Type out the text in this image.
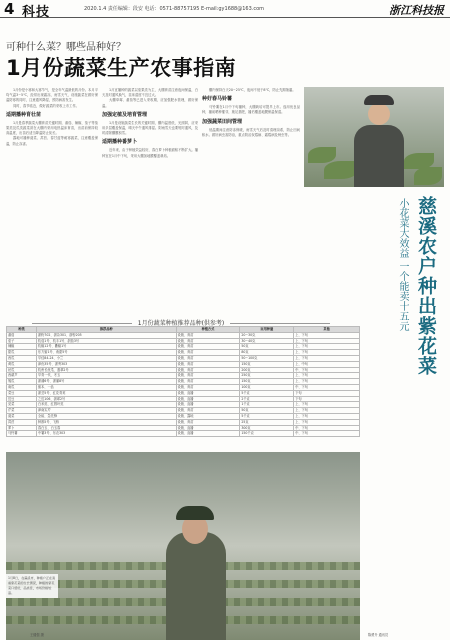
4 科技	2020.1.4 责任编辑：段安 电话：0571-88757195 E-mail:gy1688@163.com	浙江科技报
可种什么菜？哪些品种好？
1月份蔬菜生产农事指南

1月份是小寒和大寒节气，是全年气温最低的月份。本月平均气温3~5℃，经常出现霜冻，雨雪天气，设施蔬菜在做好保温防寒的同时，注意通风降湿，预防病害发生。

同时，春节临近，做好蔬菜的采收上市工作。

适期播种育壮苗

1月是春季蔬菜大棚育苗关键时期，番茄、辣椒、茄子等茄果类及瓜类蔬菜须在大棚内采用电热温床育苗，出苗前保持较高温度，出苗后适当降温防止徒长。

露地可播种菠菜、莴苣、春甘蓝等耐寒蔬菜，注意覆盖保温，防止冻害。

1月宜播种的蔬菜以茄果类为主，大棚育苗注意夜间保温，白天及时通风换气，苗床湿度不宜过大。

大棚草莓、番茄等已进入采收期，应加强肥水管理，做好保温。

加强定植及培育管理

1月是设施蔬菜生长的关键时期，棚内温度低，光照弱，应采用多层覆盖保温，晴天中午通风排湿。阴雨雪天也要短时通风，及时清除棚膜积雪。

适期播种番萝卜

近年来，由于种植效益较好，春白萝卜种植面积不断扩大。播种宜在1月中下旬，采用大棚加地膜覆盖栽培。

棚内保持白天20~25℃，夜间不低于8℃，防止先期抽薹。

种好春马铃薯

马铃薯在1月中下旬播种，大棚栽培可提早上市。选用优良品种，播前晒种催芽，施足基肥，播后覆盖地膜保温保湿。

加强蔬菜田间管理

低温期间注意防冻保暖，雨雪天气后及时清理沟系，防止田间积水。做好病虫害防治，重点防治灰霉病、霜霉病及蚜虫等。

小花菜大效益 一个能卖十五元 慈溪农户种出紫花菜
1月份蔬菜种植推荐品种(供参考)
种类	推荐品种	种植方式	亩用种量	其他
番茄	浙粉702、浙杂301、浙粉205	设施、育苗	20~30克	上、下旬
茄子	杭茄1号、杭丰1号、浙茄3号	设施、育苗	30~40克	上、下旬
辣椒	杭椒12号、衢椒1号	设施、育苗	50克	上、下旬
甜瓜	东方蜜1号、甬甜5号	设施、育苗	80克	上、下旬
西瓜	早佳84-24、小兰	设施、育苗	50~100克	上、下旬
黄瓜	津优35号、浙秀303	设施、育苗	150克	上、中旬
丝瓜	杭州长丝瓜、翡翠2号	设施、育苗	200克	中、下旬
西葫芦	早青一代、冬玉	设施、育苗	250克	上、下旬
瓠瓜	浙蒲6号、浙蒲8号	设施、育苗	150克	上、下旬
南瓜	蜜本、一品	设施、育苗	100克	中、下旬
菜豆	浙芸5号、红花青荚	设施、直播	5千克	下旬
豇豆	之豇106、浙翠2号	设施、直播	2千克	下旬
苋菜	白米苋、红圆叶苋	设施、直播	1千克	上、下旬
芹菜	津南实芹	设施、育苗	50克	上、下旬
菠菜	全能、急先锋	设施、露地	5千克	上、下旬
莴苣	种都5号、飞桥	设施、育苗	25克	上、下旬
萝卜	春白玉、白玉春	设施、直播	300克	中、下旬
马铃薯	中薯3号、东农303	设施、直播	150千克	中、下旬
1月8日，在慈溪市，种植户正在查看紫花菜的生长情况，种植的紫花菜口感好，品质佳，市场价格较高。
王健强 摄	陈勇升 通讯员
